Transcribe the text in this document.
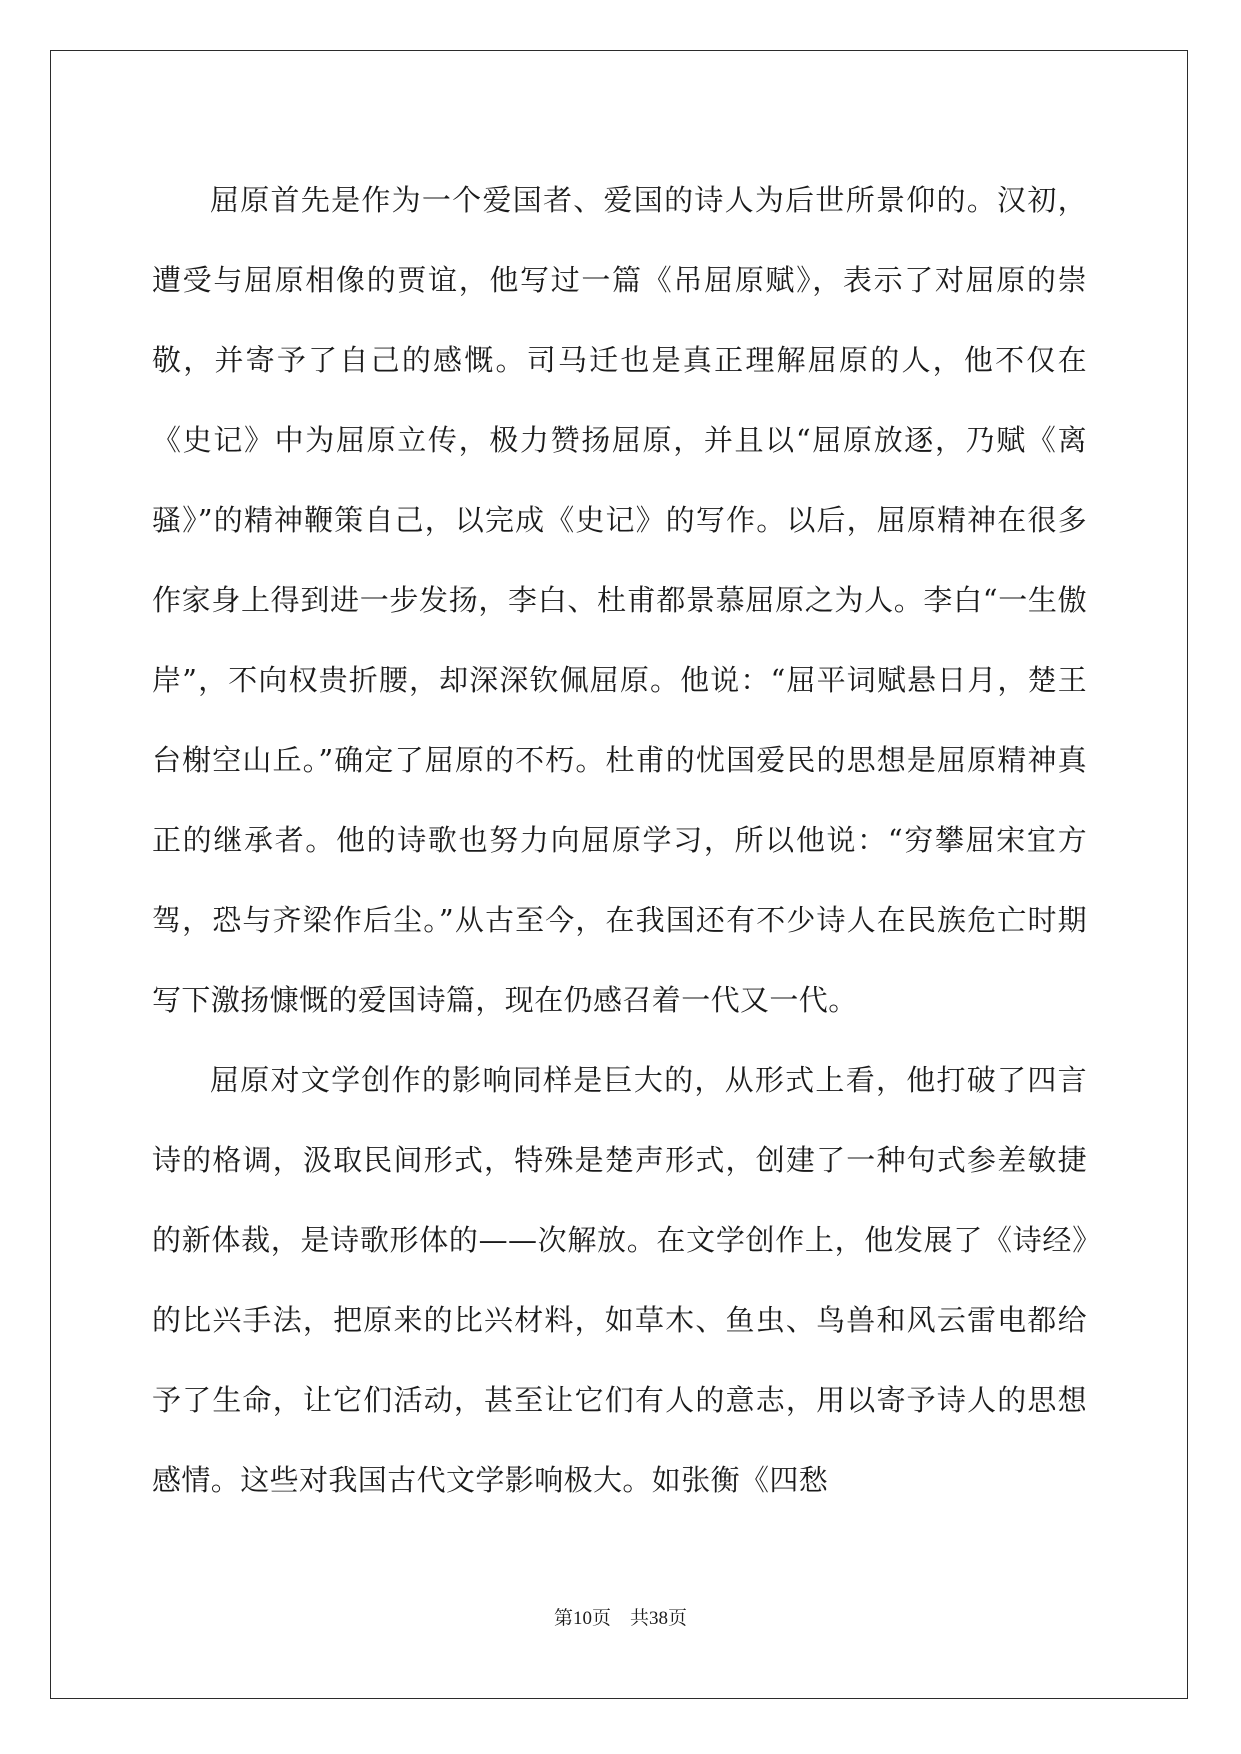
屈原首先是作为一个爱国者、爱国的诗人为后世所景仰的。汉初，遭受与屈原相像的贾谊，他写过一篇《吊屈原赋》，表示了对屈原的崇敬，并寄予了自己的感慨。司马迁也是真正理解屈原的人，他不仅在《史记》中为屈原立传，极力赞扬屈原，并且以“屈原放逐，乃赋《离骚》”的精神鞭策自己，以完成《史记》的写作。以后，屈原精神在很多作家身上得到进一步发扬，李白、杜甫都景慕屈原之为人。李白“一生傲岸”，不向权贵折腰，却深深钦佩屈原。他说：“屈平词赋悬日月，楚王台榭空山丘。”确定了屈原的不朽。杜甫的忧国爱民的思想是屈原精神真正的继承者。他的诗歌也努力向屈原学习，所以他说：“穷攀屈宋宜方驾，恐与齐梁作后尘。”从古至今，在我国还有不少诗人在民族危亡时期写下激扬慷慨的爱国诗篇，现在仍感召着一代又一代。

屈原对文学创作的影响同样是巨大的，从形式上看，他打破了四言诗的格调，汲取民间形式，特殊是楚声形式，创建了一种句式参差敏捷的新体裁，是诗歌形体的——次解放。在文学创作上，他发展了《诗经》的比兴手法，把原来的比兴材料，如草木、鱼虫、鸟兽和风云雷电都给予了生命，让它们活动，甚至让它们有人的意志，用以寄予诗人的思想感情。这些对我国古代文学影响极大。如张衡《四愁

第10页　共38页
